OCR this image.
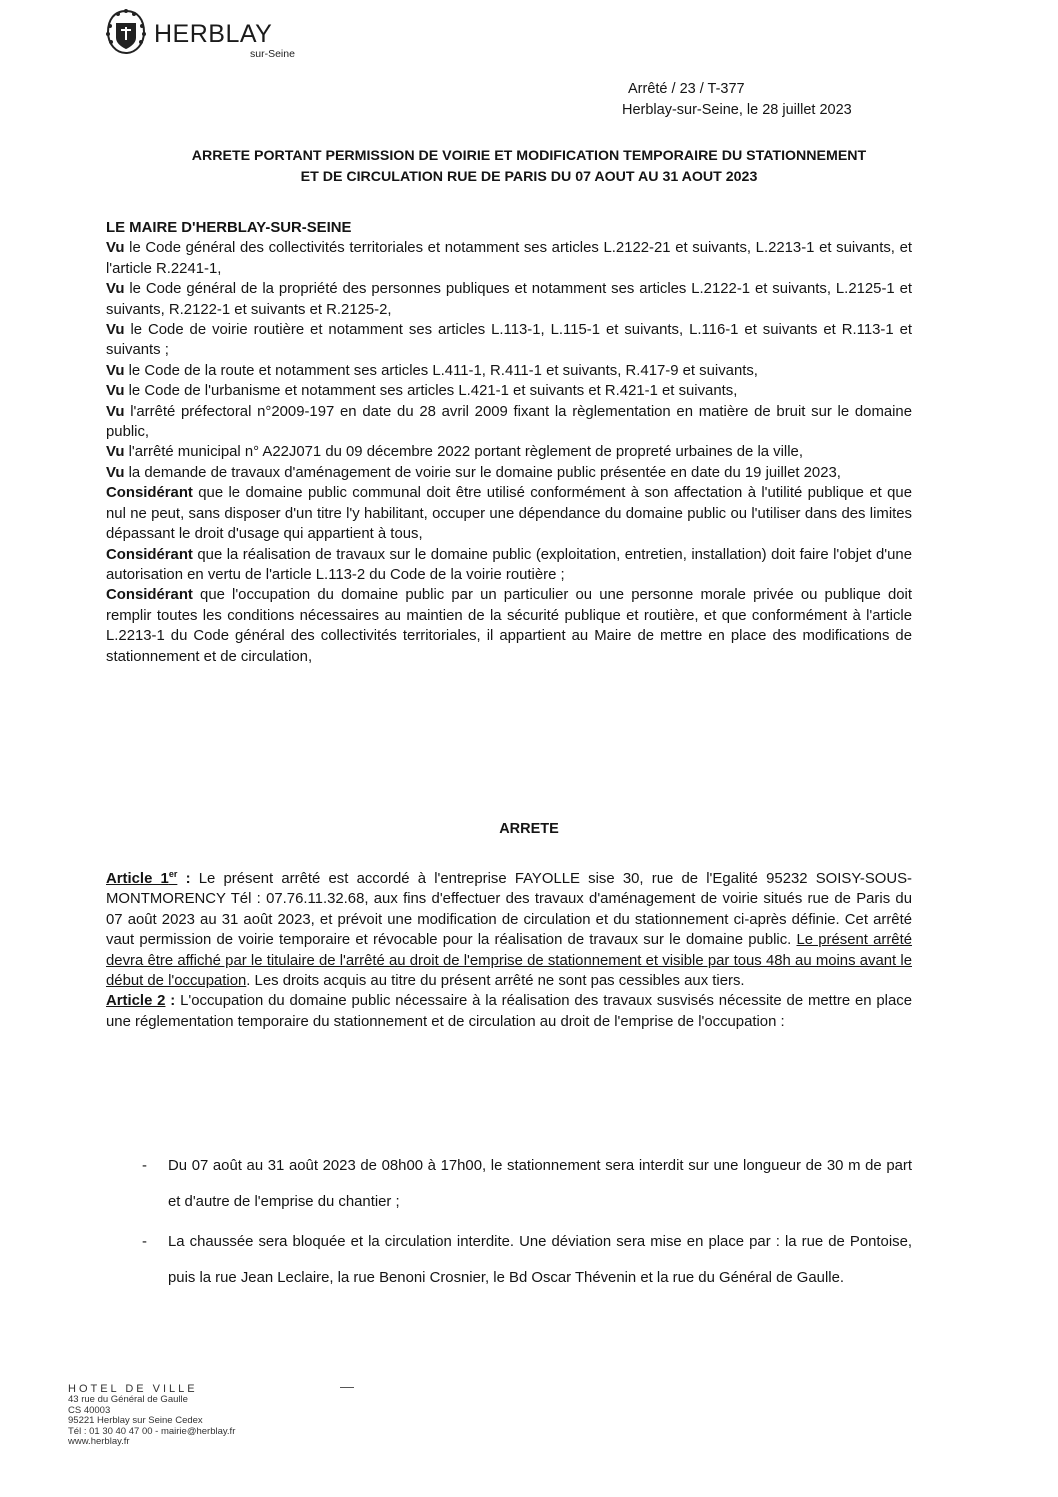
HERBLAY
sur-Seine
Arrêté / 23 / T-377
Herblay-sur-Seine, le 28 juillet 2023
ARRETE PORTANT PERMISSION DE VOIRIE ET MODIFICATION TEMPORAIRE DU STATIONNEMENT
ET DE CIRCULATION RUE DE PARIS DU 07 AOUT AU 31 AOUT 2023

LE MAIRE D'HERBLAY-SUR-SEINE

Vu le Code général des collectivités territoriales et notamment ses articles L.2122-21 et suivants, L.2213-1 et suivants, et l'article R.2241-1,

Vu le Code général de la propriété des personnes publiques et notamment ses articles L.2122-1 et suivants, L.2125-1 et suivants, R.2122-1 et suivants et R.2125-2,

Vu le Code de voirie routière et notamment ses articles L.113-1, L.115-1 et suivants, L.116-1 et suivants et R.113-1 et suivants ;

Vu le Code de la route et notamment ses articles L.411-1, R.411-1 et suivants, R.417-9 et suivants,

Vu le Code de l'urbanisme et notamment ses articles L.421-1 et suivants et R.421-1 et suivants,

Vu l'arrêté préfectoral n°2009-197 en date du 28 avril 2009 fixant la règlementation en matière de bruit sur le domaine public,

Vu l'arrêté municipal n° A22J071 du 09 décembre 2022 portant règlement de propreté urbaines de la ville,

Vu la demande de travaux d'aménagement de voirie sur le domaine public présentée en date du 19 juillet 2023,

Considérant que le domaine public communal doit être utilisé conformément à son affectation à l'utilité publique et que nul ne peut, sans disposer d'un titre l'y habilitant, occuper une dépendance du domaine public ou l'utiliser dans des limites dépassant le droit d'usage qui appartient à tous,

Considérant que la réalisation de travaux sur le domaine public (exploitation, entretien, installation) doit faire l'objet d'une autorisation en vertu de l'article L.113-2 du Code de la voirie routière ;

Considérant que l'occupation du domaine public par un particulier ou une personne morale privée ou publique doit remplir toutes les conditions nécessaires au maintien de la sécurité publique et routière, et que conformément à l'article L.2213-1 du Code général des collectivités territoriales, il appartient au Maire de mettre en place des modifications de stationnement et de circulation,

ARRETE

Article 1er : Le présent arrêté est accordé à l'entreprise FAYOLLE sise 30, rue de l'Egalité 95232 SOISY-SOUS-MONTMORENCY Tél : 07.76.11.32.68, aux fins d'effectuer des travaux d'aménagement de voirie situés rue de Paris du 07 août 2023 au 31 août 2023, et prévoit une modification de circulation et du stationnement ci-après définie. Cet arrêté vaut permission de voirie temporaire et révocable pour la réalisation de travaux sur le domaine public. Le présent arrêté devra être affiché par le titulaire de l'arrêté au droit de l'emprise de stationnement et visible par tous 48h au moins avant le début de l'occupation. Les droits acquis au titre du présent arrêté ne sont pas cessibles aux tiers.

Article 2 : L'occupation du domaine public nécessaire à la réalisation des travaux susvisés nécessite de mettre en place une réglementation temporaire du stationnement et de circulation au droit de l'emprise de l'occupation :

- Du 07 août au 31 août 2023 de 08h00 à 17h00, le stationnement sera interdit sur une longueur de 30 m de part et d'autre de l'emprise du chantier ;
- La chaussée sera bloquée et la circulation interdite. Une déviation sera mise en place par : la rue de Pontoise, puis la rue Jean Leclaire, la rue Benoni Crosnier, le Bd Oscar Thévenin et la rue du Général de Gaulle.
HOTEL DE VILLE
43 rue du Général de Gaulle
CS 40003
95221 Herblay sur Seine Cedex
Tél : 01 30 40 47 00 - mairie@herblay.fr
www.herblay.fr
